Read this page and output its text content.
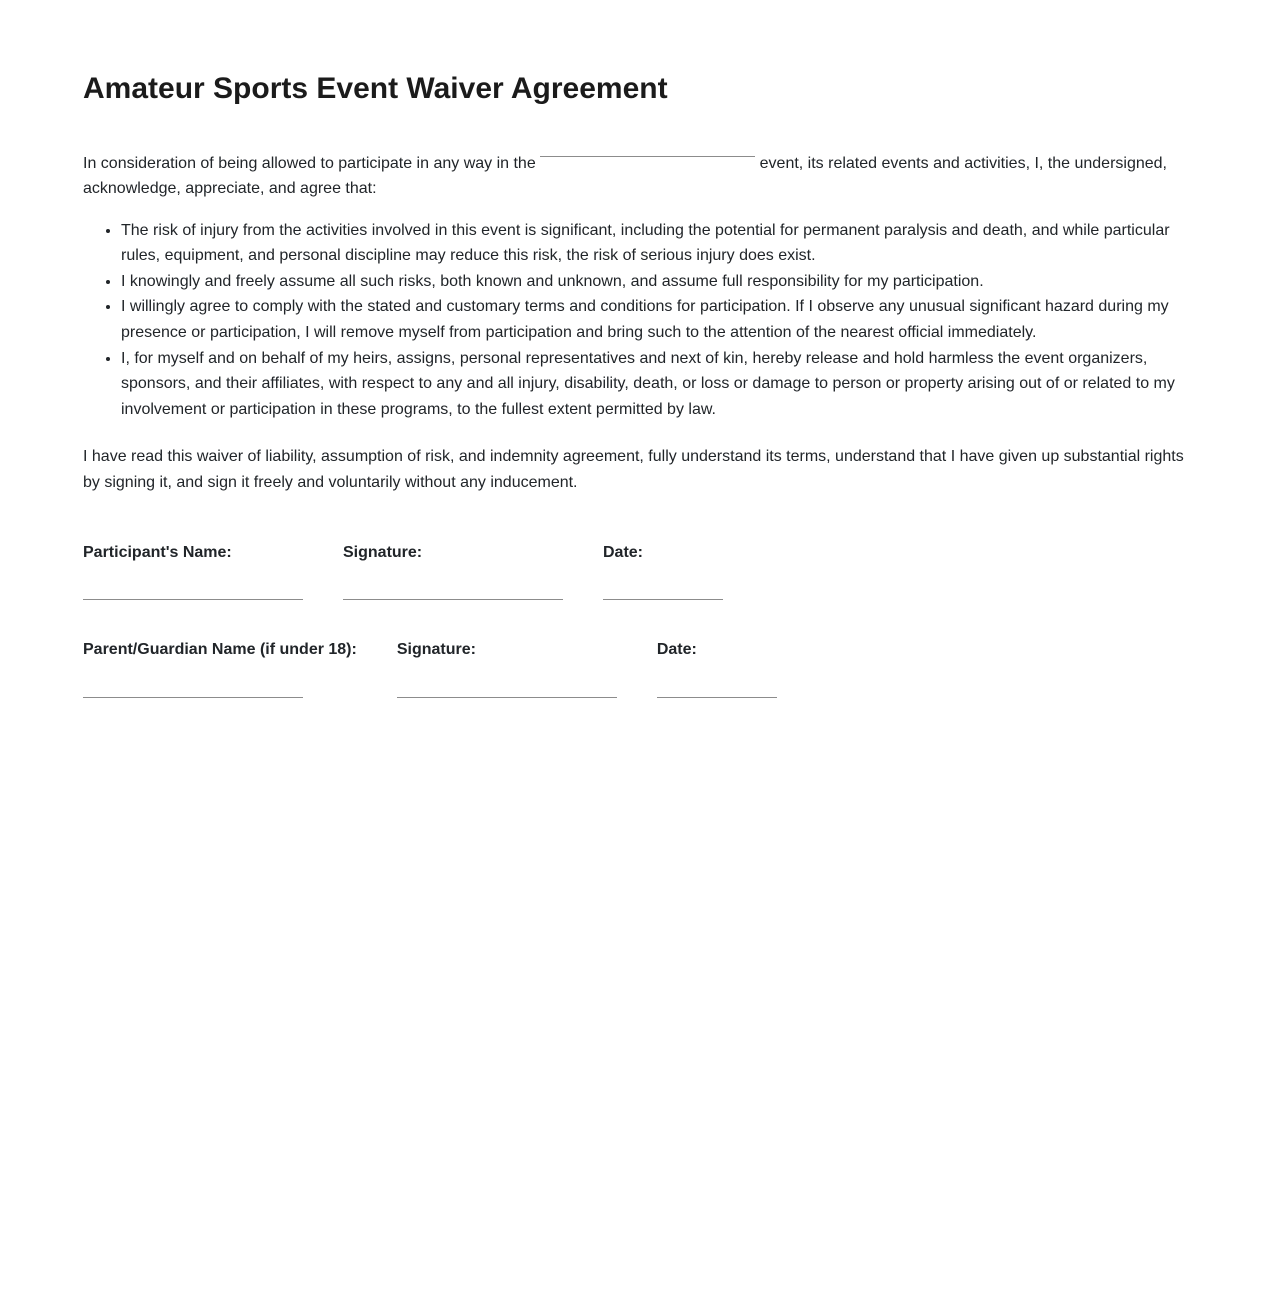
Amateur Sports Event Waiver Agreement

In consideration of being allowed to participate in any way in the	event, its related events and activities, I, the undersigned, acknowledge, appreciate, and agree that:

• The risk of injury from the activities involved in this event is significant, including the potential for permanent paralysis and death, and while particular rules, equipment, and personal discipline may reduce this risk, the risk of serious injury does exist.
• I knowingly and freely assume all such risks, both known and unknown, and assume full responsibility for my participation.
• I willingly agree to comply with the stated and customary terms and conditions for participation. If I observe any unusual significant hazard during my presence or participation, I will remove myself from participation and bring such to the attention of the nearest official immediately.
• I, for myself and on behalf of my heirs, assigns, personal representatives and next of kin, hereby release and hold harmless the event organizers, sponsors, and their affiliates, with respect to any and all injury, disability, death, or loss or damage to person or property arising out of or related to my involvement or participation in these programs, to the fullest extent permitted by law.

I have read this waiver of liability, assumption of risk, and indemnity agreement, fully understand its terms, understand that I have given up substantial rights by signing it, and sign it freely and voluntarily without any inducement.

Participant's Name:	Signature:	Date:
Parent/Guardian Name (if under 18):	Signature:	Date:
